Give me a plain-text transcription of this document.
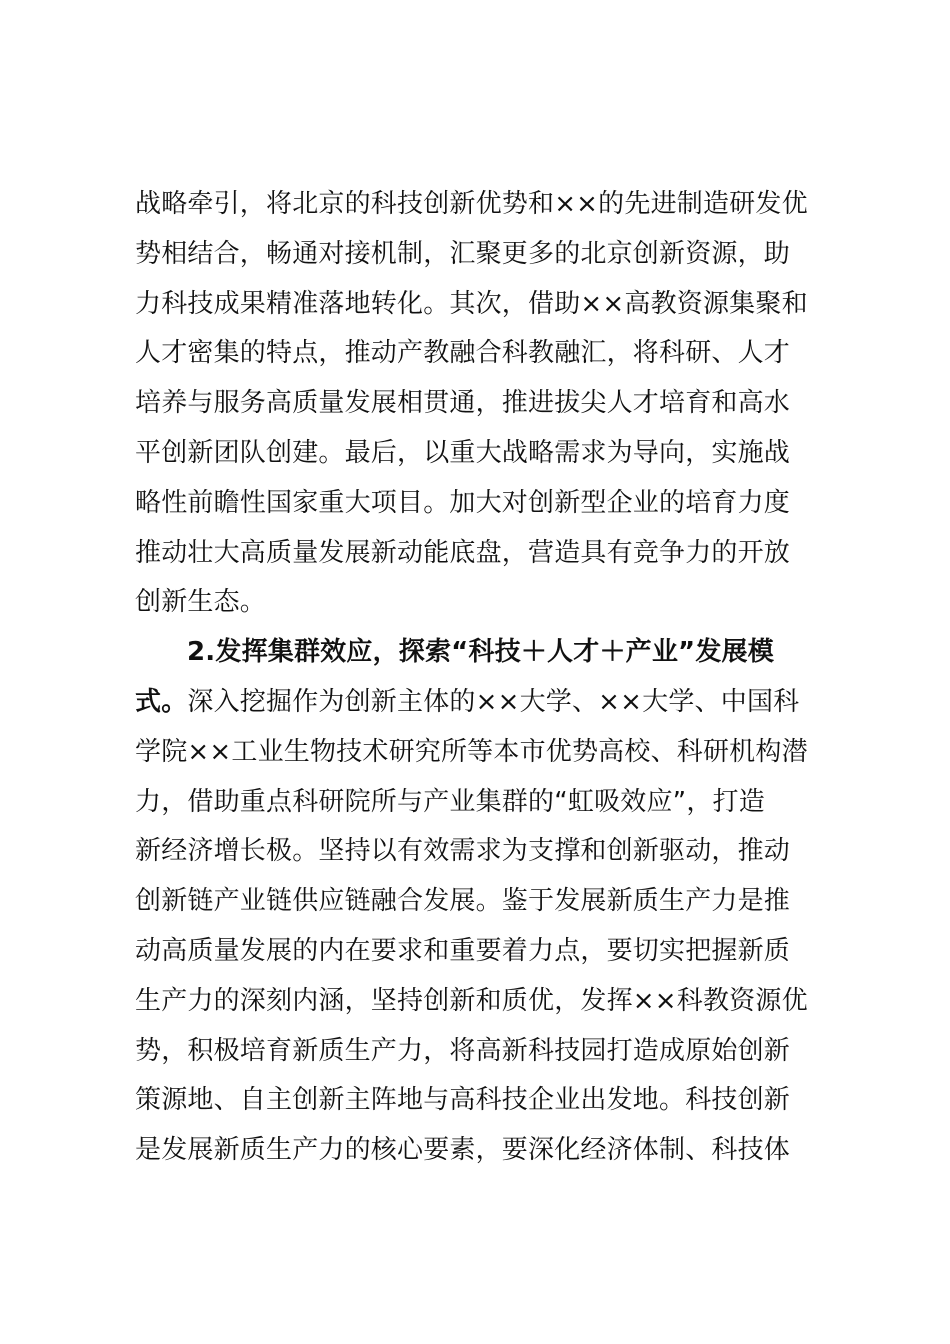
战略牵引，将北京的科技创新优势和××的先进制造研发优
势相结合，畅通对接机制，汇聚更多的北京创新资源，助
力科技成果精准落地转化。其次，借助××高教资源集聚和
人才密集的特点，推动产教融合科教融汇，将科研、人才
培养与服务高质量发展相贯通，推进拔尖人才培育和高水
平创新团队创建。最后，以重大战略需求为导向，实施战
略性前瞻性国家重大项目。加大对创新型企业的培育力度
推动壮大高质量发展新动能底盘，营造具有竞争力的开放
创新生态。
2.发挥集群效应，探索“科技＋人才＋产业”发展模
式。深入挖掘作为创新主体的××大学、××大学、中国科
学院××工业生物技术研究所等本市优势高校、科研机构潜
力，借助重点科研院所与产业集群的“虹吸效应”，打造
新经济增长极。坚持以有效需求为支撑和创新驱动，推动
创新链产业链供应链融合发展。鉴于发展新质生产力是推
动高质量发展的内在要求和重要着力点，要切实把握新质
生产力的深刻内涵，坚持创新和质优，发挥××科教资源优
势，积极培育新质生产力，将高新科技园打造成原始创新
策源地、自主创新主阵地与高科技企业出发地。科技创新
是发展新质生产力的核心要素，要深化经济体制、科技体
